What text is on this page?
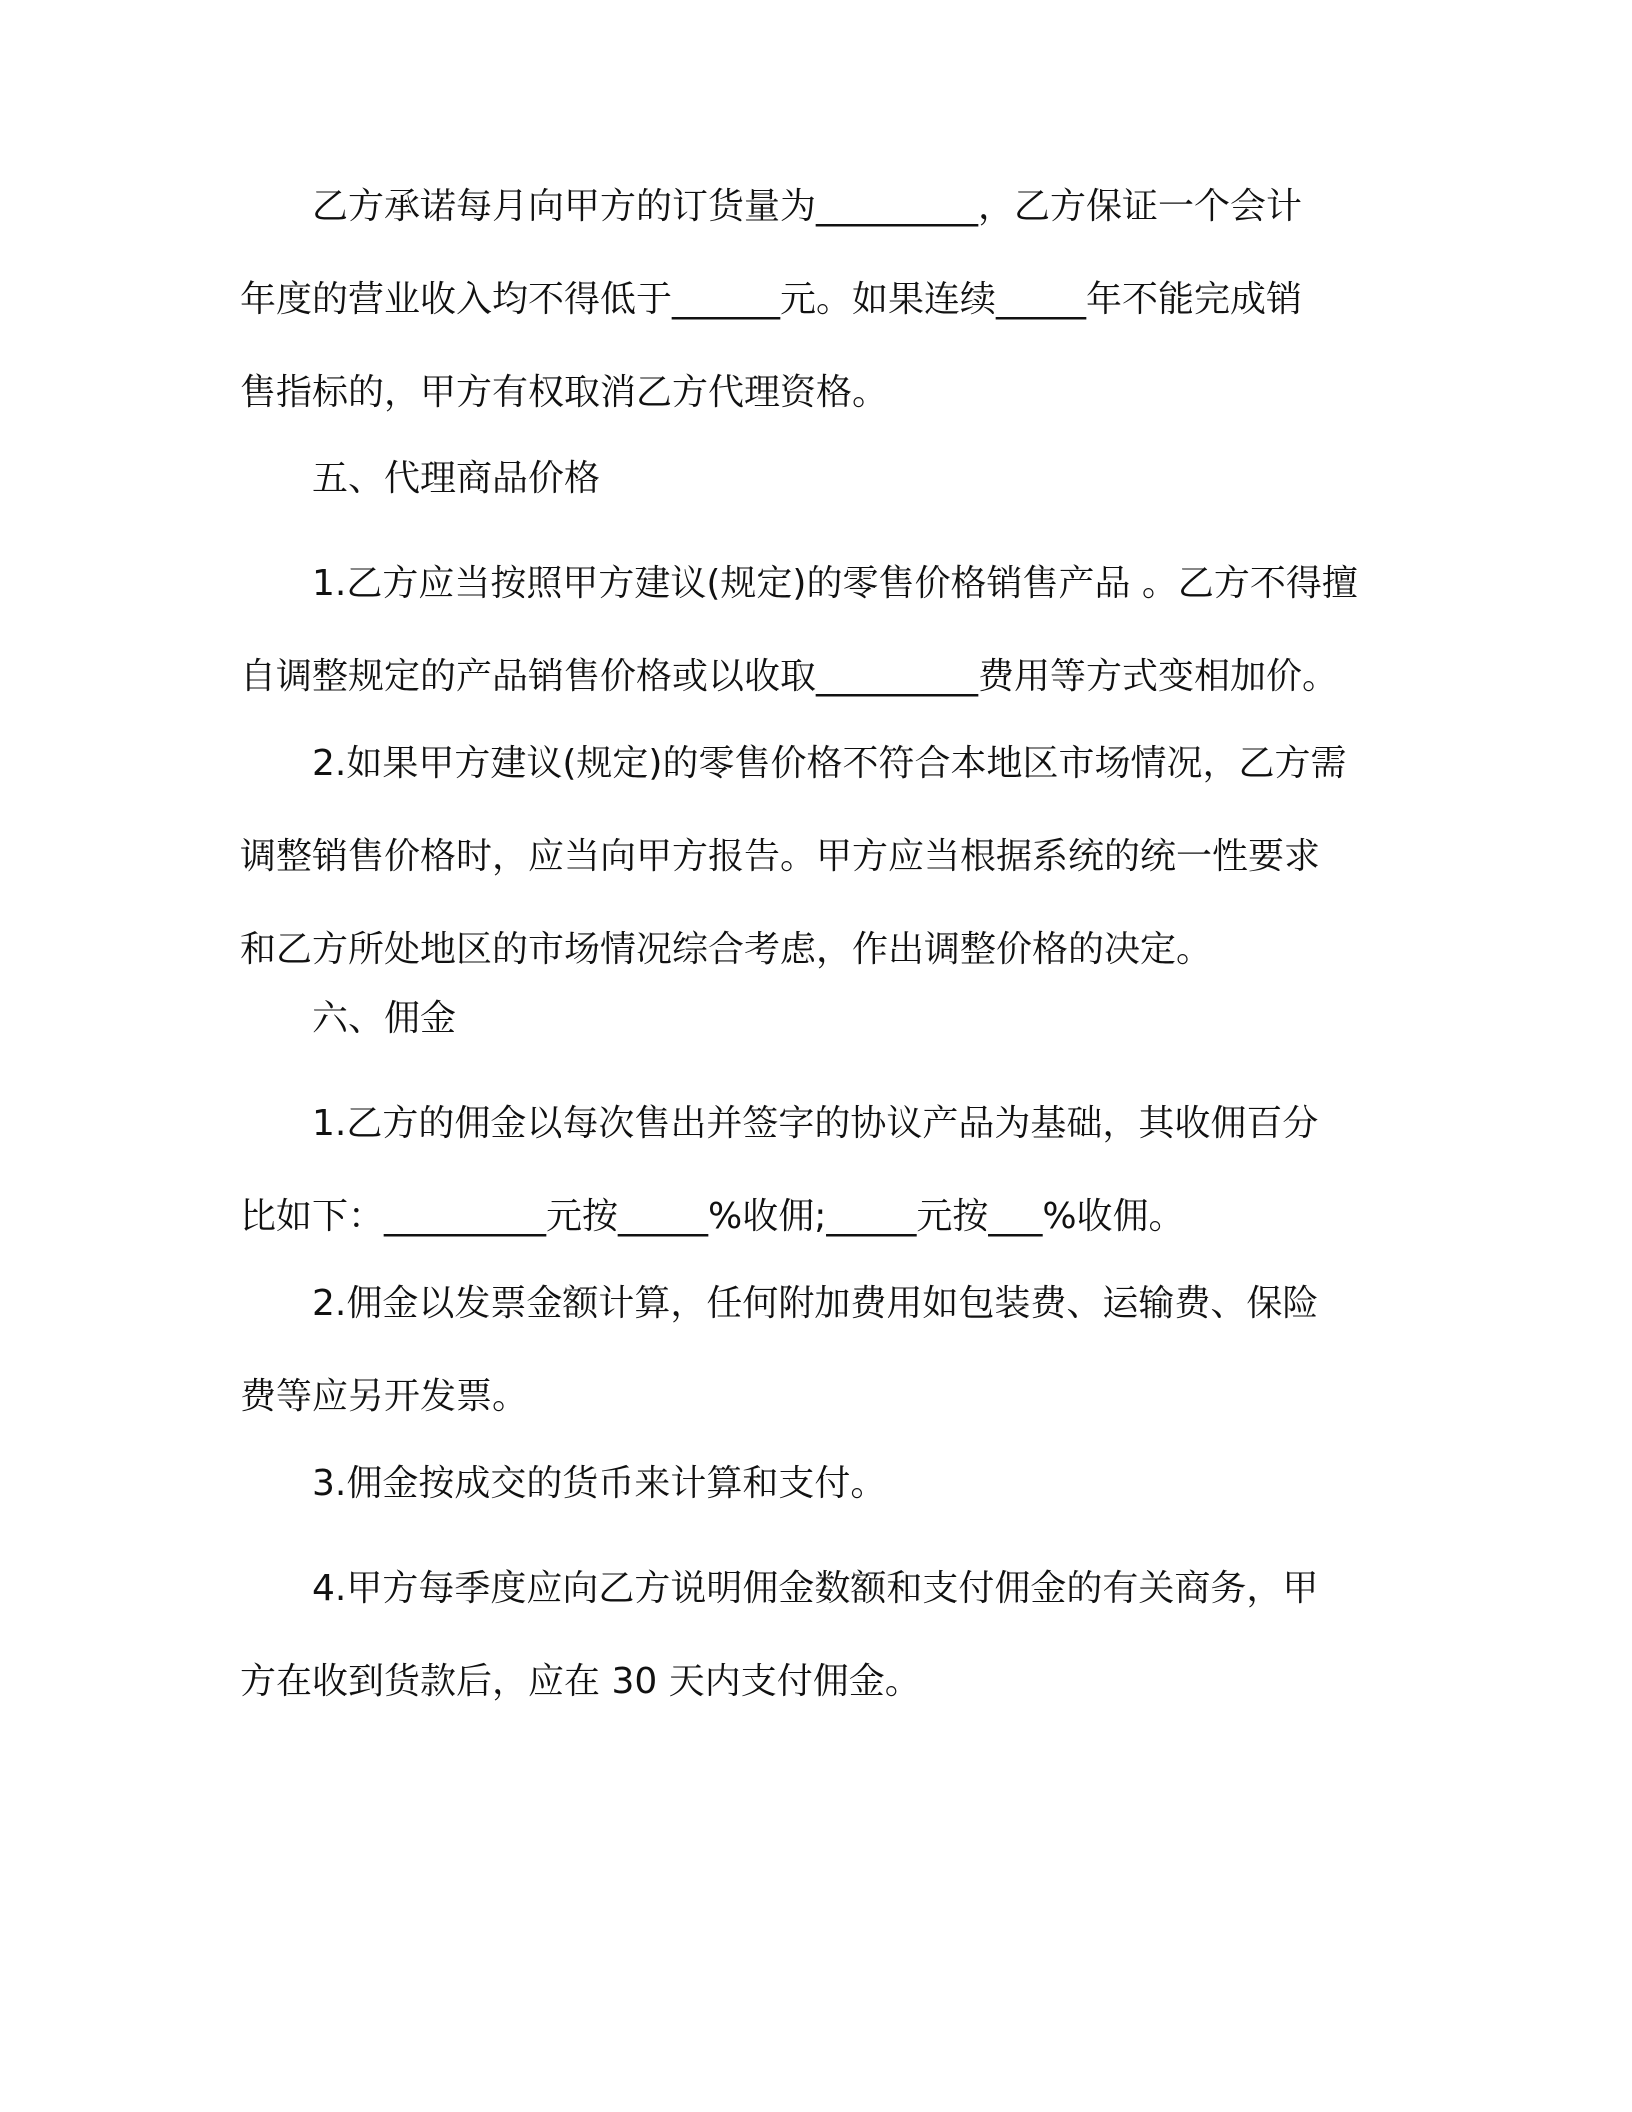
乙方承诺每月向甲方的订货量为_________，乙方保证一个会计
年度的营业收入均不得低于______元。如果连续_____年不能完成销
售指标的，甲方有权取消乙方代理资格。
五、代理商品价格
1.乙方应当按照甲方建议(规定)的零售价格销售产品 。乙方不得擅
自调整规定的产品销售价格或以收取_________费用等方式变相加价。
2.如果甲方建议(规定)的零售价格不符合本地区市场情况，乙方需
调整销售价格时，应当向甲方报告。甲方应当根据系统的统一性要求
和乙方所处地区的市场情况综合考虑，作出调整价格的决定。
六、佣金
1.乙方的佣金以每次售出并签字的协议产品为基础，其收佣百分
比如下：_________元按_____%收佣;_____元按___%收佣。
2.佣金以发票金额计算，任何附加费用如包装费、运输费、保险
费等应另开发票。
3.佣金按成交的货币来计算和支付。
4.甲方每季度应向乙方说明佣金数额和支付佣金的有关商务，甲
方在收到货款后，应在 30 天内支付佣金。
